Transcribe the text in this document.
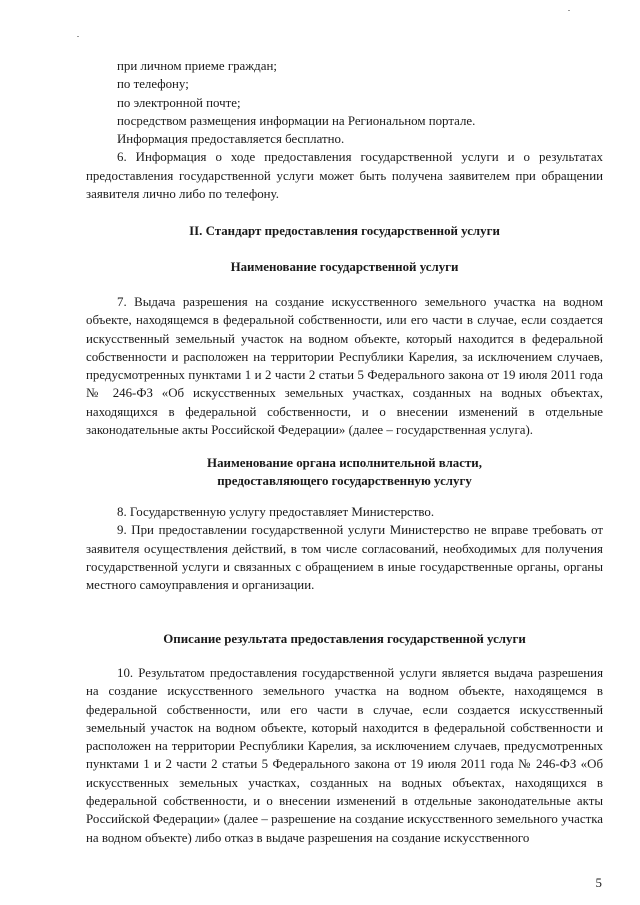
при личном приеме граждан;

по телефону;

по электронной почте;

посредством размещения информации на Региональном портале.

Информация предоставляется бесплатно.

6. Информация о ходе предоставления государственной услуги и о результатах предоставления государственной услуги может быть получена заявителем при обращении заявителя лично либо по телефону.

II. Стандарт предоставления государственной услуги

Наименование государственной услуги

7. Выдача разрешения на создание искусственного земельного участка на водном объекте, находящемся в федеральной собственности, или его части в случае, если создается искусственный земельный участок на водном объекте, который находится в федеральной собственности и расположен на территории Республики Карелия, за исключением случаев, предусмотренных пунктами 1 и 2 части 2 статьи 5 Федерального закона от 19 июля 2011 года № 246-ФЗ «Об искусственных земельных участках, созданных на водных объектах, находящихся в федеральной собственности, и о внесении изменений в отдельные законодательные акты Российской Федерации» (далее – государственная услуга).

Наименование органа исполнительной власти,

предоставляющего государственную услугу

8. Государственную услугу предоставляет Министерство.

9. При предоставлении государственной услуги Министерство не вправе требовать от заявителя осуществления действий, в том числе согласований, необходимых для получения государственной услуги и связанных с обращением в иные государственные органы, органы местного самоуправления и организации.

Описание результата предоставления государственной услуги

10. Результатом предоставления государственной услуги является выдача разрешения на создание искусственного земельного участка на водном объекте, находящемся в федеральной собственности, или его части в случае, если создается искусственный земельный участок на водном объекте, который находится в федеральной собственности и расположен на территории Республики Карелия, за исключением случаев, предусмотренных пунктами 1 и 2 части 2 статьи 5 Федерального закона от 19 июля 2011 года № 246-ФЗ «Об искусственных земельных участках, созданных на водных объектах, находящихся в федеральной собственности, и о внесении изменений в отдельные законодательные акты Российской Федерации» (далее – разрешение на создание искусственного земельного участка на водном объекте) либо отказ в выдаче разрешения на создание искусственного

5
